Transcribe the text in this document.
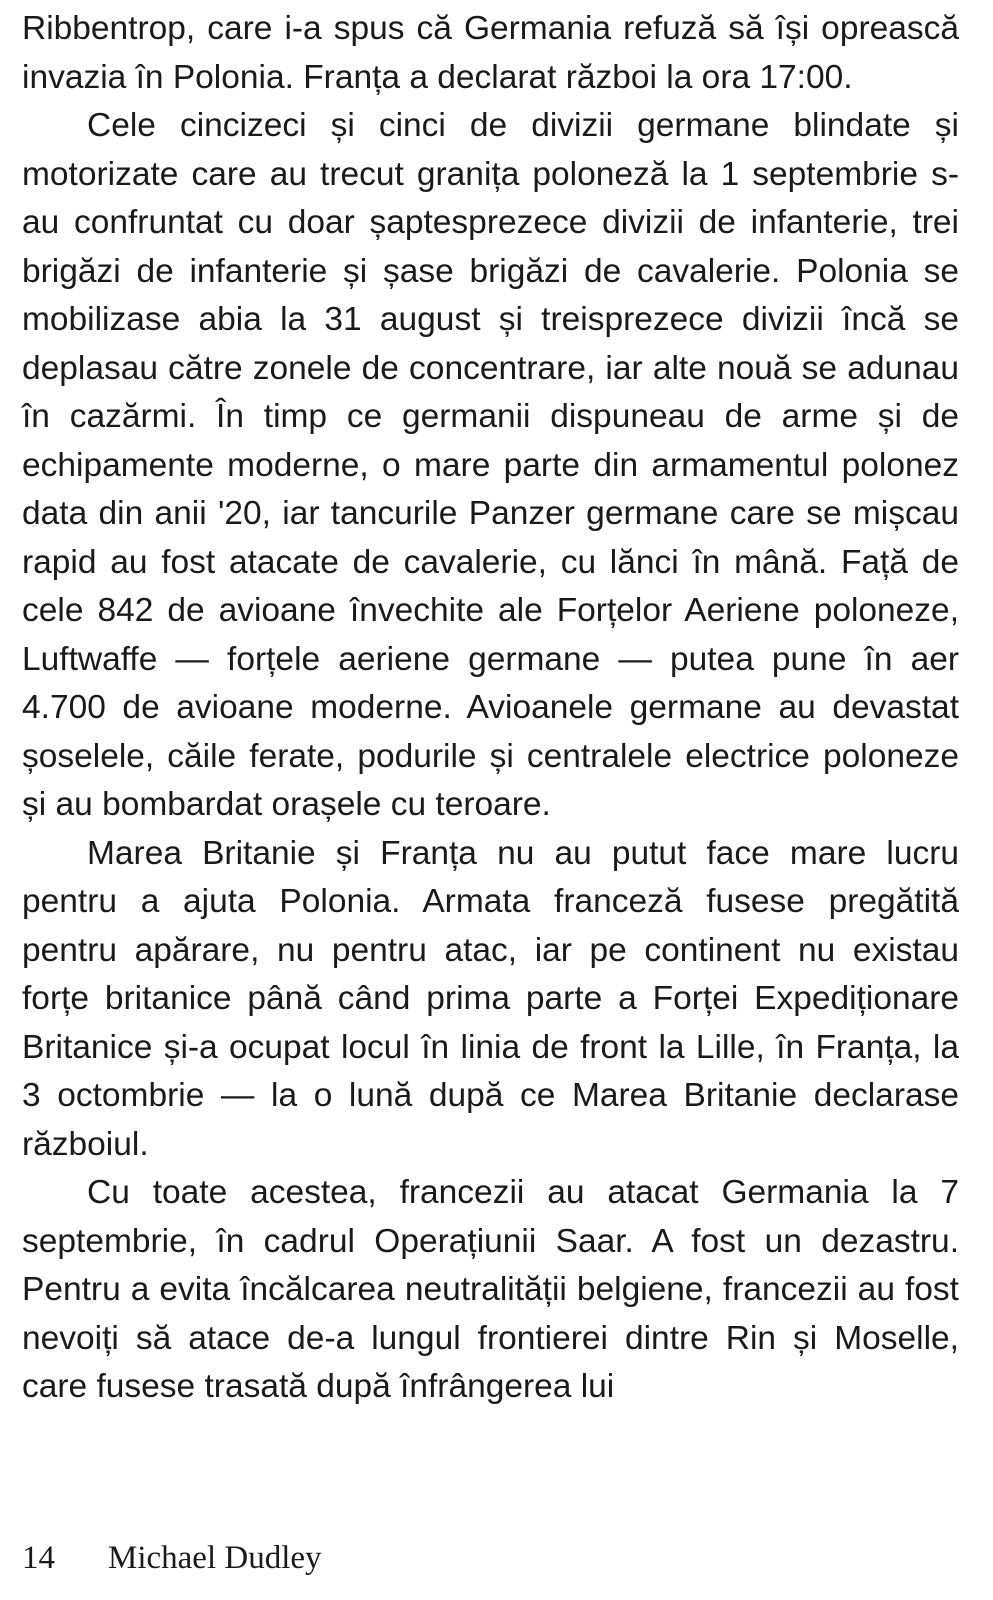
Ribbentrop, care i-a spus că Germania refuză să își oprească invazia în Polonia. Franța a declarat război la ora 17:00.

Cele cincizeci și cinci de divizii germane blindate și motorizate care au trecut granița poloneză la 1 septembrie s-au confruntat cu doar șaptesprezece divizii de infanterie, trei brigăzi de infanterie și șase brigăzi de cavalerie. Polonia se mobilizase abia la 31 august și treisprezece divizii încă se deplasau către zonele de concentrare, iar alte nouă se adunau în cazărmi. În timp ce germanii dispuneau de arme și de echipamente moderne, o mare parte din armamentul polonez data din anii '20, iar tancurile Panzer germane care se mișcau rapid au fost atacate de cavalerie, cu lănci în mână. Față de cele 842 de avioane învechite ale Forțelor Aeriene poloneze, Luftwaffe — forțele aeriene germane — putea pune în aer 4.700 de avioane moderne. Avioanele germane au devastat șoselele, căile ferate, podurile și centralele electrice poloneze și au bombardat orașele cu teroare.

Marea Britanie și Franța nu au putut face mare lucru pentru a ajuta Polonia. Armata franceză fusese pregătită pentru apărare, nu pentru atac, iar pe continent nu existau forțe britanice până când prima parte a Forței Expediționare Britanice și-a ocupat locul în linia de front la Lille, în Franța, la 3 octombrie — la o lună după ce Marea Britanie declarase războiul.

Cu toate acestea, francezii au atacat Germania la 7 septembrie, în cadrul Operațiunii Saar. A fost un dezastru. Pentru a evita încălcarea neutralității belgiene, francezii au fost nevoiți să atace de-a lungul frontierei dintre Rin și Moselle, care fusese trasată după înfrângerea lui

14 Michael Dudley
